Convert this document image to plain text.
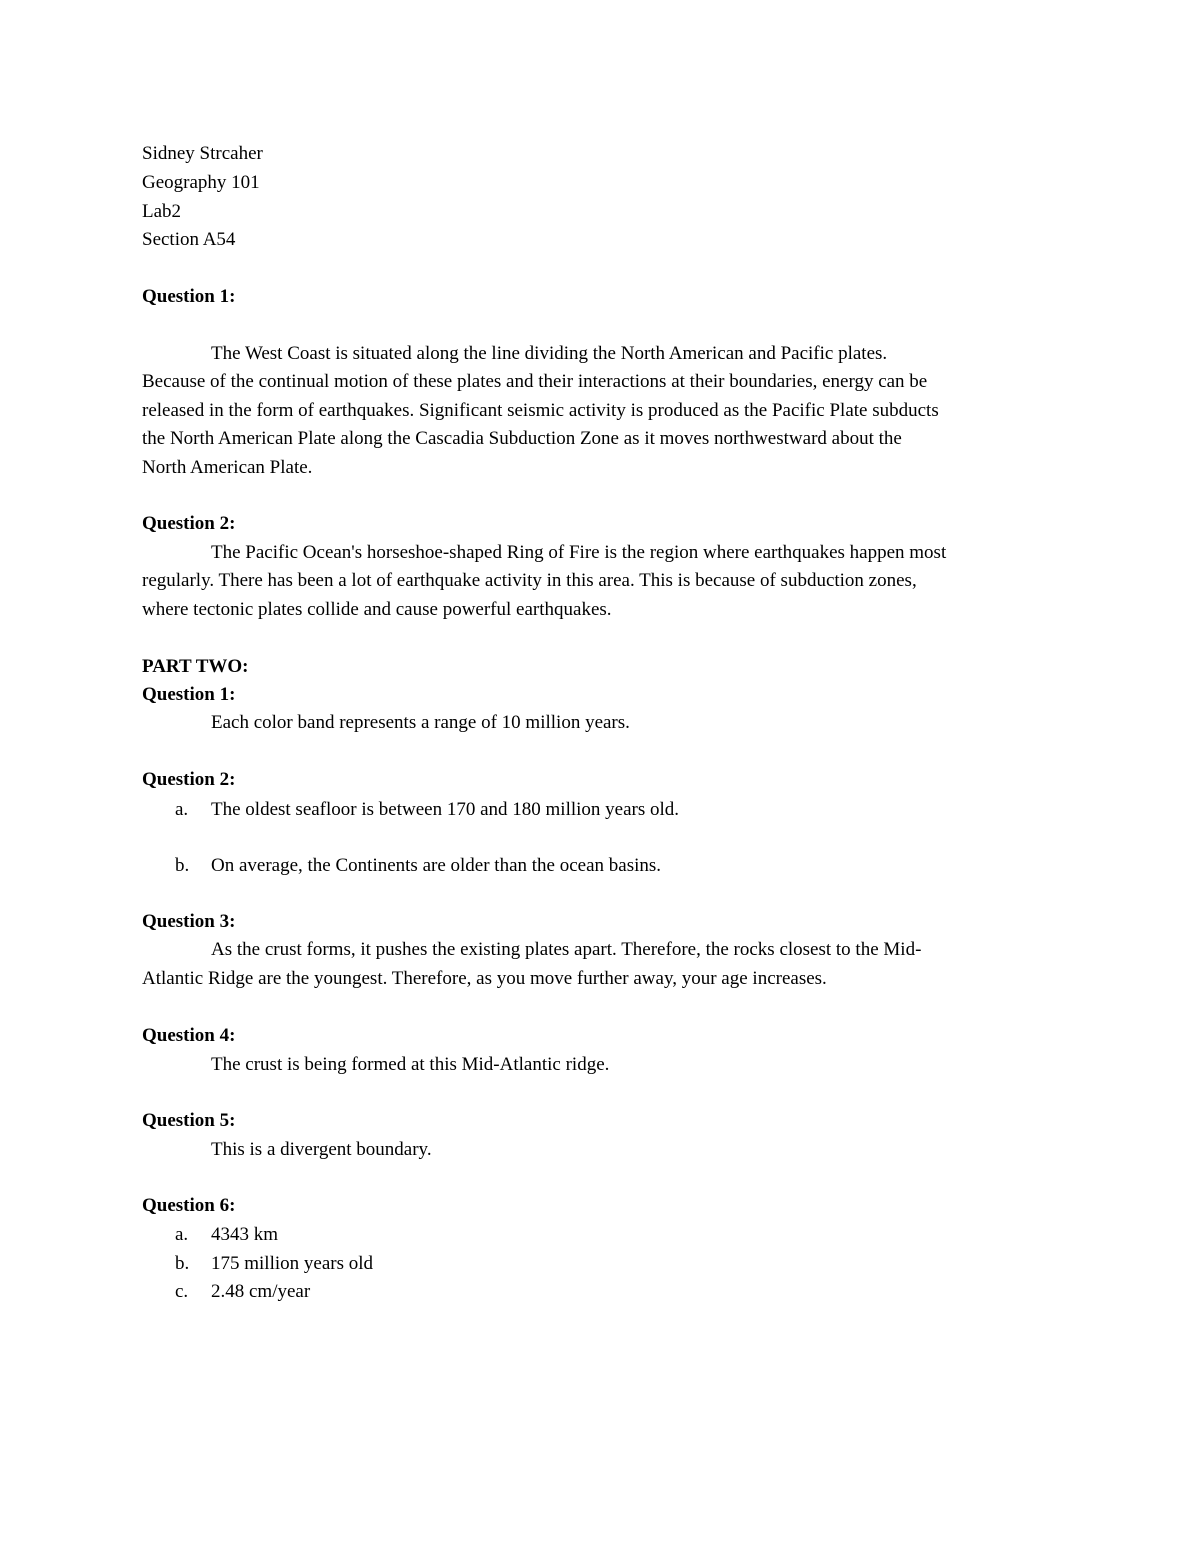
Sidney Strcaher
Geography 101
Lab2
Section A54
Question 1:
The West Coast is situated along the line dividing the North American and Pacific plates.
Because of the continual motion of these plates and their interactions at their boundaries, energy can be
released in the form of earthquakes. Significant seismic activity is produced as the Pacific Plate subducts
the North American Plate along the Cascadia Subduction Zone as it moves northwestward about the
North American Plate.
Question 2:
The Pacific Ocean's horseshoe-shaped Ring of Fire is the region where earthquakes happen most
regularly. There has been a lot of earthquake activity in this area. This is because of subduction zones,
where tectonic plates collide and cause powerful earthquakes.
PART TWO:
Question 1:
Each color band represents a range of 10 million years.
Question 2:
a. The oldest seafloor is between 170 and 180 million years old.
b. On average, the Continents are older than the ocean basins.
Question 3:
As the crust forms, it pushes the existing plates apart. Therefore, the rocks closest to the Mid-
Atlantic Ridge are the youngest. Therefore, as you move further away, your age increases.
Question 4:
The crust is being formed at this Mid-Atlantic ridge.
Question 5:
This is a divergent boundary.
Question 6:
a. 4343 km
b. 175 million years old
c. 2.48 cm/year
